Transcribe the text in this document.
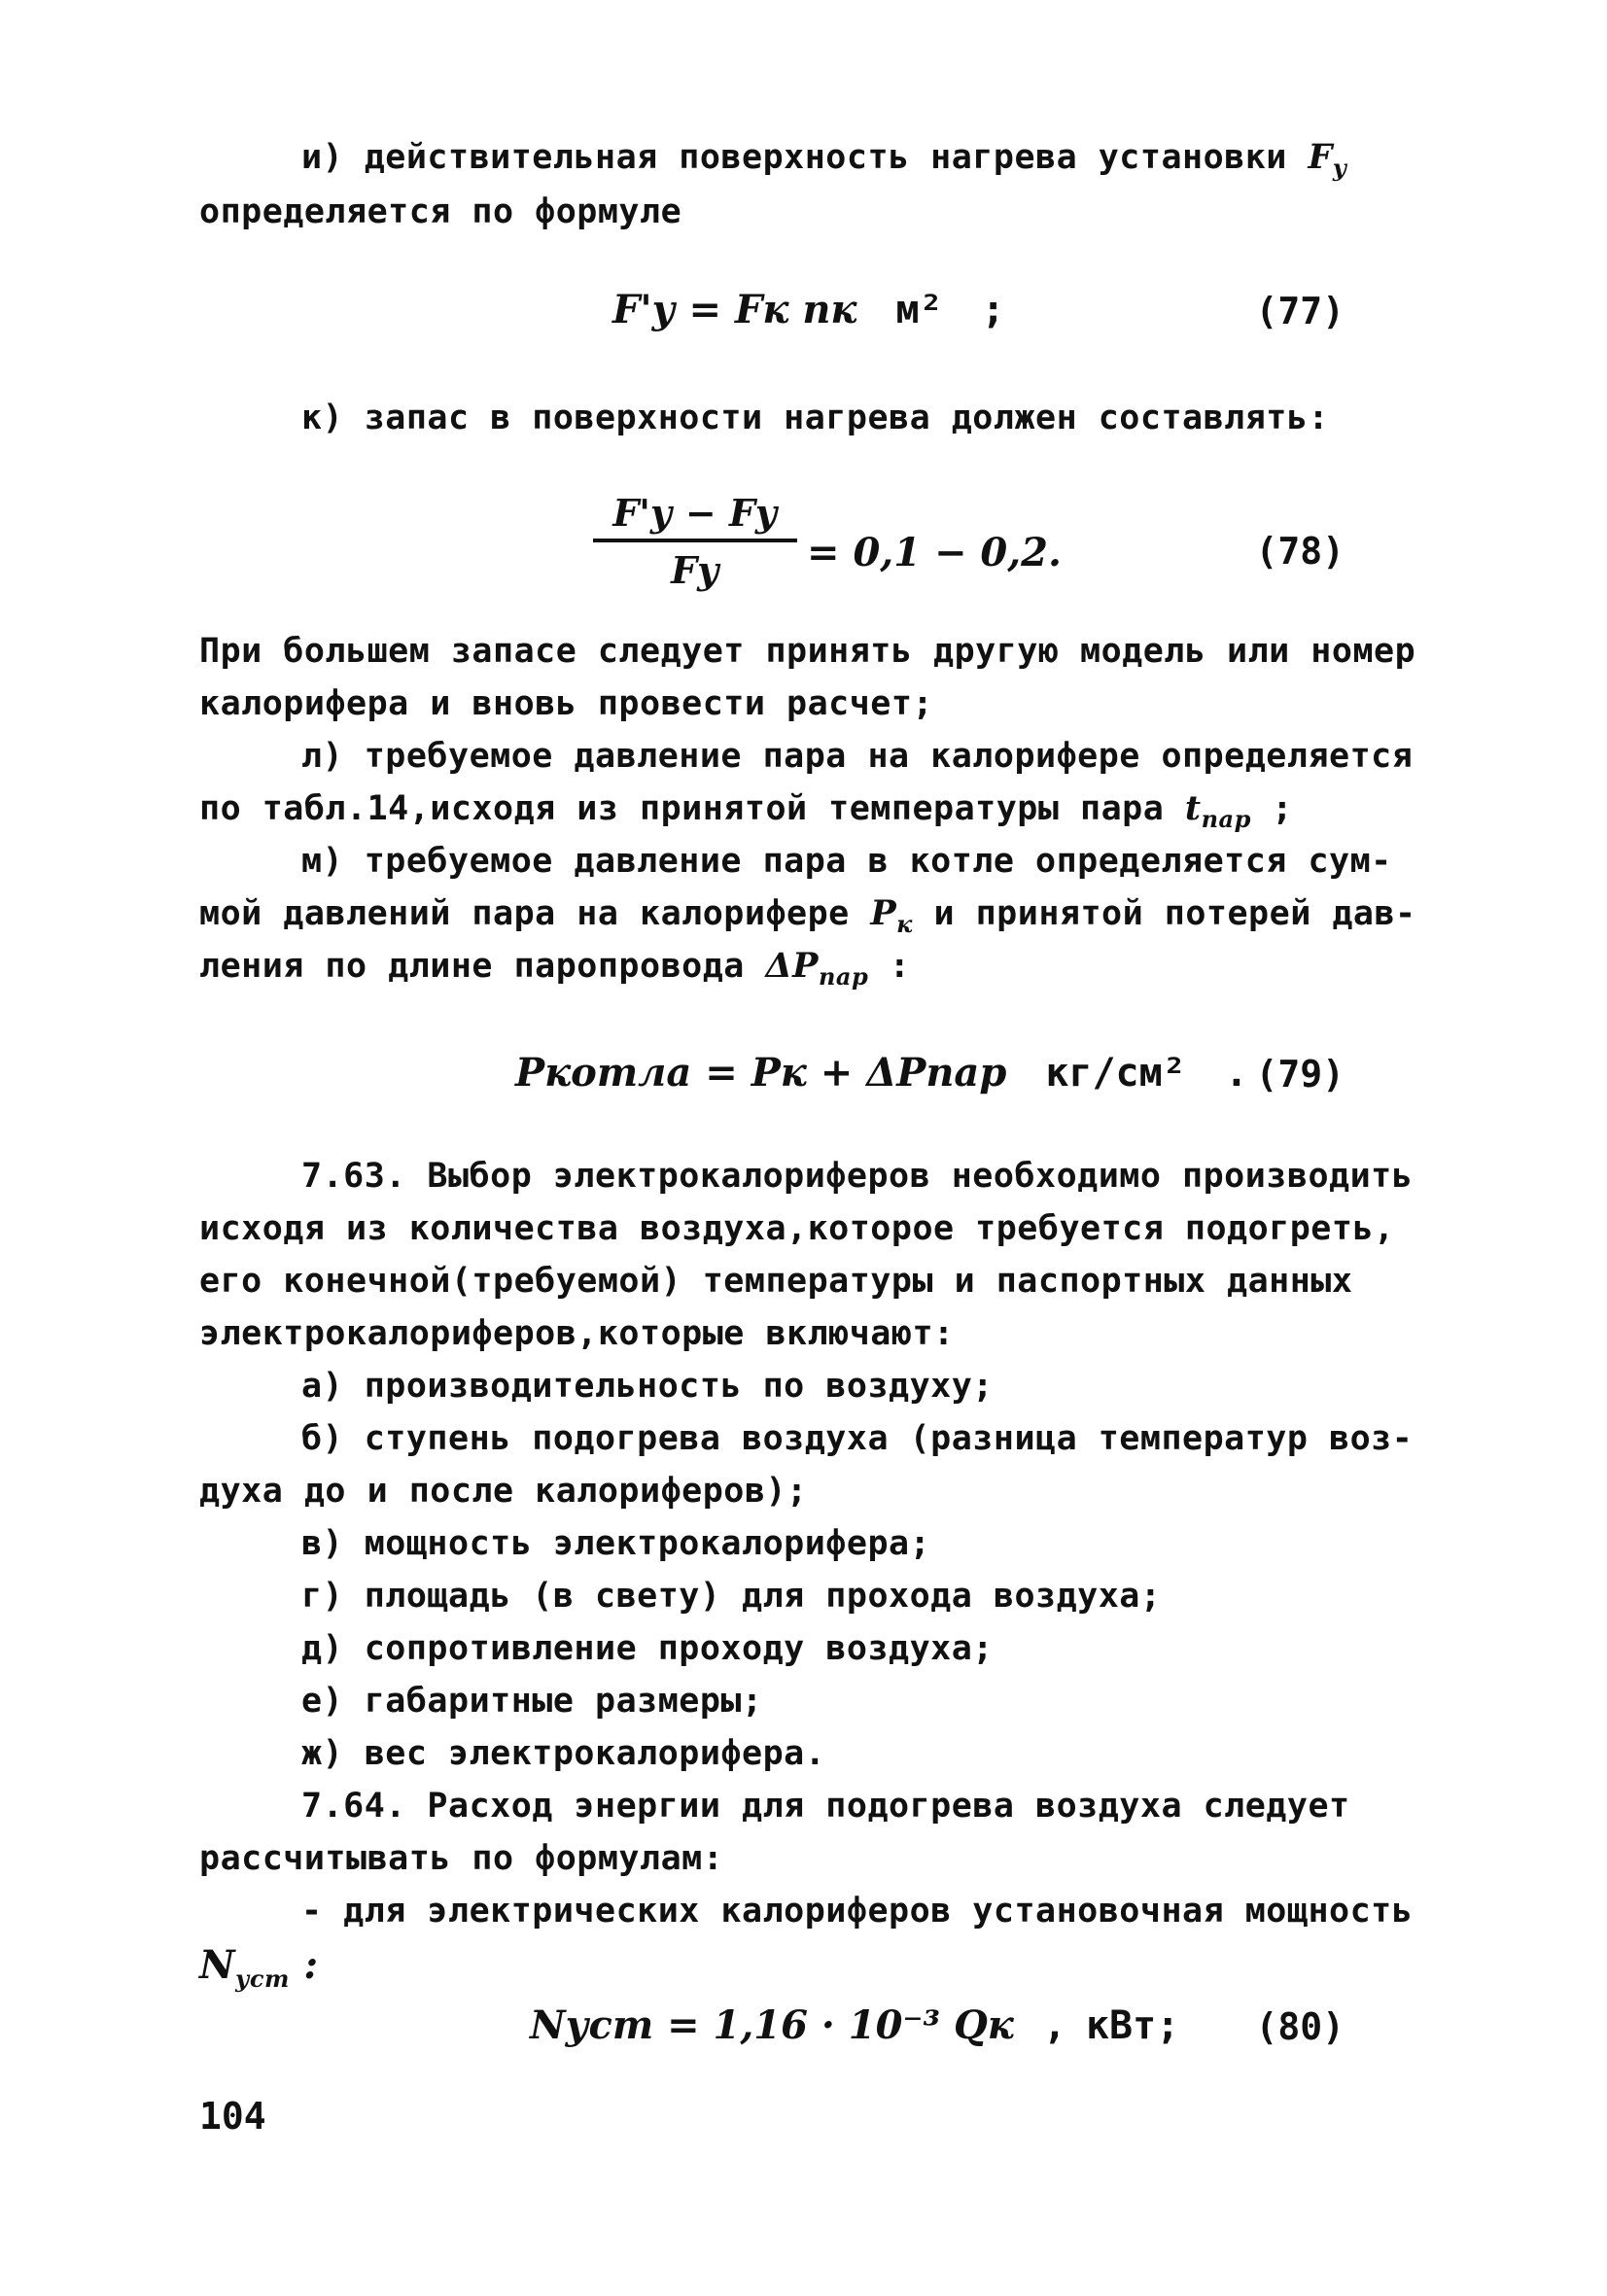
и) действительная поверхность нагрева установки $F_у$
определяется по формуле
F'у = Fк nк м² ;	(77)
к) запас в поверхности нагрева должен составлять:
F'у − Fу
Fу	= 0,1 − 0,2.	(78)
При большем запасе следует принять другую модель или номер
калорифера и вновь провести расчет;
л) требуемое давление пара на калорифере определяется
по табл.14,исходя из принятой температуры пара $t_{пар}$ ;
м) требуемое давление пара в котле определяется сум-
мой давлений пара на калорифере $P_к$ и принятой потерей дав-
ления по длине паропровода $\Delta P_{пар}$ :
Pкотла = Pк + ΔPпар кг/см² . (79)
7.63. Выбор электрокалориферов необходимо производить
исходя из количества воздуха,которое требуется подогреть,
его конечной(требуемой) температуры и паспортных данных
электрокалориферов,которые включают:
а) производительность по воздуху;
б) ступень подогрева воздуха (разница температур воз-
духа до и после калориферов);
в) мощность электрокалорифера;
г) площадь (в свету) для прохода воздуха;
д) сопротивление проходу воздуха;
е) габаритные размеры;
ж) вес электрокалорифера.
7.64. Расход энергии для подогрева воздуха следует
рассчитывать по формулам:
- для электрических калориферов установочная мощность
$N_{уст}$ :
Nуст = 1,16 · 10⁻³ Qк , кВт; (80)
104
